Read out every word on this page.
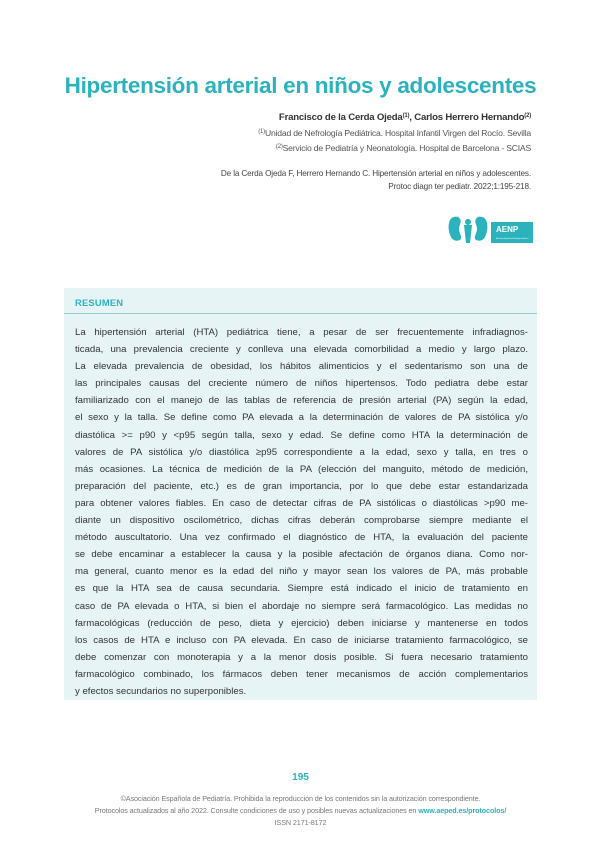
Hipertensión arterial en niños y adolescentes
Francisco de la Cerda Ojeda$^{(1)}$, Carlos Herrero Hernando$^{(2)}$
$^{(1)}$Unidad de Nefrología Pediátrica. Hospital Infantil Virgen del Rocío. Sevilla
$^{(2)}$Servicio de Pediatría y Neonatología. Hospital de Barcelona - SCIAS
De la Cerda Ojeda F, Herrero Hernando C. Hipertensión arterial en niños y adolescentes.
Protoc diagn ter pediatr. 2022;1:195-218.
AENP
Asociación Española de Nefrología Pediátrica
RESUMEN
La hipertensión arterial (HTA) pediátrica tiene, a pesar de ser frecuentemente infradiagnos-
ticada, una prevalencia creciente y conlleva una elevada comorbilidad a medio y largo plazo.
La elevada prevalencia de obesidad, los hábitos alimenticios y el sedentarismo son una de
las principales causas del creciente número de niños hipertensos. Todo pediatra debe estar
familiarizado con el manejo de las tablas de referencia de presión arterial (PA) según la edad,
el sexo y la talla. Se define como PA elevada a la determinación de valores de PA sistólica y/o
diastólica >= p90 y <p95 según talla, sexo y edad. Se define como HTA la determinación de
valores de PA sistólica y/o diastólica ≥p95 correspondiente a la edad, sexo y talla, en tres o
más ocasiones. La técnica de medición de la PA (elección del manguito, método de medición,
preparación del paciente, etc.) es de gran importancia, por lo que debe estar estandarizada
para obtener valores fiables. En caso de detectar cifras de PA sistólicas o diastólicas >p90 me-
diante un dispositivo oscilométrico, dichas cifras deberán comprobarse siempre mediante el
método auscultatorio. Una vez confirmado el diagnóstico de HTA, la evaluación del paciente
se debe encaminar a establecer la causa y la posible afectación de órganos diana. Como nor-
ma general, cuanto menor es la edad del niño y mayor sean los valores de PA, más probable
es que la HTA sea de causa secundaria. Siempre está indicado el inicio de tratamiento en
caso de PA elevada o HTA, si bien el abordaje no siempre será farmacológico. Las medidas no
farmacológicas (reducción de peso, dieta y ejercicio) deben iniciarse y mantenerse en todos
los casos de HTA e incluso con PA elevada. En caso de iniciarse tratamiento farmacológico, se
debe comenzar con monoterapia y a la menor dosis posible. Si fuera necesario tratamiento
farmacológico combinado, los fármacos deben tener mecanismos de acción complementarios
y efectos secundarios no superponibles.
195
©Asociación Española de Pediatría. Prohibida la reproducción de los contenidos sin la autorización correspondiente.
Protocolos actualizados al año 2022. Consulte condiciones de uso y posibles nuevas actualizaciones en www.aeped.es/protocolos/
ISSN 2171-8172
